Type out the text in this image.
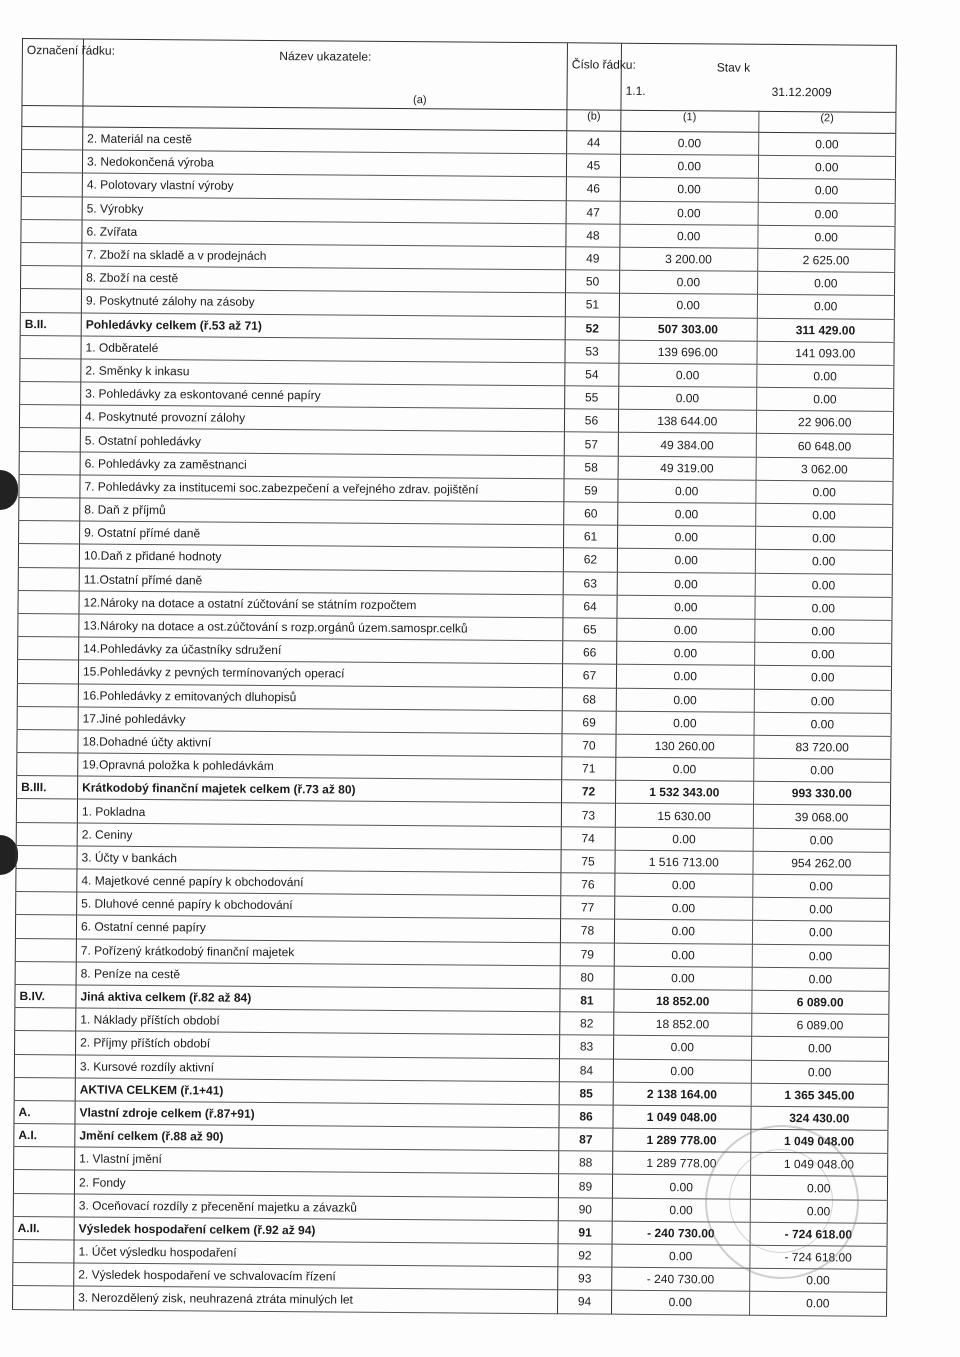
Označení řádku:	Název ukazatele:
(a)	Číslo řádku:	Stav k
1.1. 31.12.2009	

		(b)	(1)	(2)
	2. Materiál na cestě	44	0.00	0.00
	3. Nedokončená výroba	45	0.00	0.00
	4. Polotovary vlastní výroby	46	0.00	0.00
	5. Výrobky	47	0.00	0.00
	6. Zvířata	48	0.00	0.00
	7. Zboží na skladě a v prodejnách	49	3 200.00	2 625.00
	8. Zboží na cestě	50	0.00	0.00
	9. Poskytnuté zálohy na zásoby	51	0.00	0.00
B.II.	Pohledávky celkem (ř.53 až 71)	52	507 303.00	311 429.00
	1. Odběratelé	53	139 696.00	141 093.00
	2. Směnky k inkasu	54	0.00	0.00
	3. Pohledávky za eskontované cenné papíry	55	0.00	0.00
	4. Poskytnuté provozní zálohy	56	138 644.00	22 906.00
	5. Ostatní pohledávky	57	49 384.00	60 648.00
	6. Pohledávky za zaměstnanci	58	49 319.00	3 062.00
	7. Pohledávky za institucemi soc.zabezpečení a veřejného zdrav. pojištění	59	0.00	0.00
	8. Daň z příjmů	60	0.00	0.00
	9. Ostatní přímé daně	61	0.00	0.00
	10.Daň z přidané hodnoty	62	0.00	0.00
	11.Ostatní přímé daně	63	0.00	0.00
	12.Nároky na dotace a ostatní zúčtování se státním rozpočtem	64	0.00	0.00
	13.Nároky na dotace a ost.zúčtování s rozp.orgánů územ.samospr.celků	65	0.00	0.00
	14.Pohledávky za účastníky sdružení	66	0.00	0.00
	15.Pohledávky z pevných termínovaných operací	67	0.00	0.00
	16.Pohledávky z emitovaných dluhopisů	68	0.00	0.00
	17.Jiné pohledávky	69	0.00	0.00
	18.Dohadné účty aktivní	70	130 260.00	83 720.00
	19.Opravná položka k pohledávkám	71	0.00	0.00
B.III.	Krátkodobý finanční majetek celkem (ř.73 až 80)	72	1 532 343.00	993 330.00
	1. Pokladna	73	15 630.00	39 068.00
	2. Ceniny	74	0.00	0.00
	3. Účty v bankách	75	1 516 713.00	954 262.00
	4. Majetkové cenné papíry k obchodování	76	0.00	0.00
	5. Dluhové cenné papíry k obchodování	77	0.00	0.00
	6. Ostatní cenné papíry	78	0.00	0.00
	7. Pořízený krátkodobý finanční majetek	79	0.00	0.00
	8. Peníze na cestě	80	0.00	0.00
B.IV.	Jiná aktiva celkem (ř.82 až 84)	81	18 852.00	6 089.00
	1. Náklady příštích období	82	18 852.00	6 089.00
	2. Příjmy příštích období	83	0.00	0.00
	3. Kursové rozdíly aktivní	84	0.00	0.00
	AKTIVA CELKEM (ř.1+41)	85	2 138 164.00	1 365 345.00
A.	Vlastní zdroje celkem (ř.87+91)	86	1 049 048.00	324 430.00
A.I.	Jmění celkem (ř.88 až 90)	87	1 289 778.00	1 049 048.00
	1. Vlastní jmění	88	1 289 778.00	1 049 048.00
	2. Fondy	89	0.00	0.00
	3. Oceňovací rozdíly z přecenění majetku a závazků	90	0.00	0.00
A.II.	Výsledek hospodaření celkem (ř.92 až 94)	91	- 240 730.00	- 724 618.00
	1. Účet výsledku hospodaření	92	0.00	- 724 618.00
	2. Výsledek hospodaření ve schvalovacím řízení	93	- 240 730.00	0.00
	3. Nerozdělený zisk, neuhrazená ztráta minulých let	94	0.00	0.00
